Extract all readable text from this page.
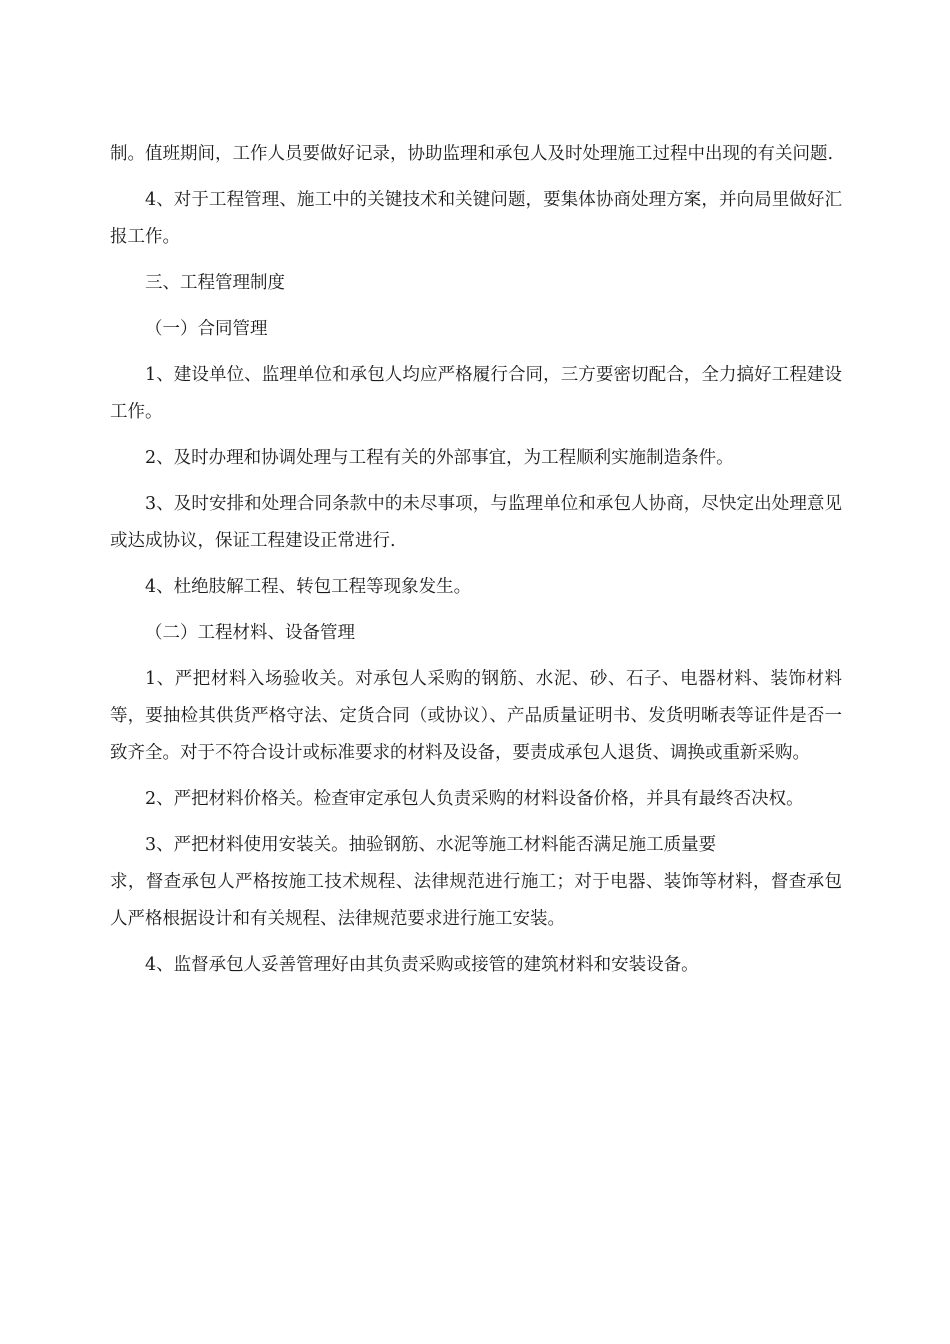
制。值班期间，工作人员要做好记录，协助监理和承包人及时处理施工过程中出现的有关问题.

4、对于工程管理、施工中的关键技术和关键问题，要集体协商处理方案，并向局里做好汇报工作。

三、工程管理制度

（一）合同管理

1、建设单位、监理单位和承包人均应严格履行合同，三方要密切配合，全力搞好工程建设工作。

2、及时办理和协调处理与工程有关的外部事宜，为工程顺利实施制造条件。

3、及时安排和处理合同条款中的未尽事项，与监理单位和承包人协商，尽快定出处理意见或达成协议，保证工程建设正常进行.

4、杜绝肢解工程、转包工程等现象发生。

（二）工程材料、设备管理

1、严把材料入场验收关。对承包人采购的钢筋、水泥、砂、石子、电器材料、装饰材料等，要抽检其供货严格守法、定货合同（或协议）、产品质量证明书、发货明晰表等证件是否一致齐全。对于不符合设计或标准要求的材料及设备，要责成承包人退货、调换或重新采购。

2、严把材料价格关。检查审定承包人负责采购的材料设备价格，并具有最终否决权。

3、严把材料使用安装关。抽验钢筋、水泥等施工材料能否满足施工质量要
求，督查承包人严格按施工技术规程、法律规范进行施工；对于电器、装饰等材料，督查承包人严格根据设计和有关规程、法律规范要求进行施工安装。

4、监督承包人妥善管理好由其负责采购或接管的建筑材料和安装设备。
